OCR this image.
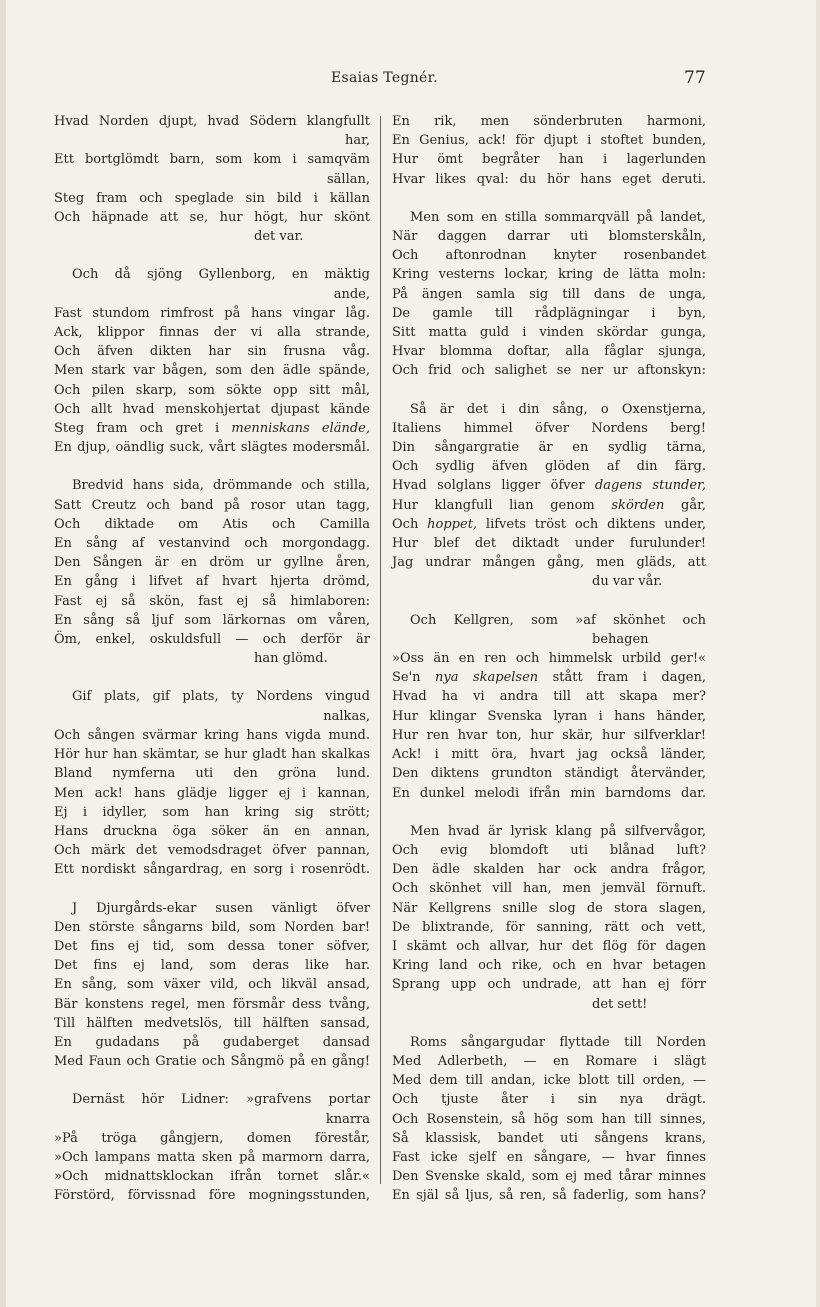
Esaias Tegnér.	77
Hvad Norden djupt, hvad Södern klangfullt
har,
Ett bortglömdt barn, som kom i samqväm
sällan,
Steg fram och speglade sin bild i källan
Och häpnade att se, hur högt, hur skönt
det var.
Och då sjöng Gyllenborg, en mäktig
ande,
Fast stundom rimfrost på hans vingar låg.
Ack, klippor finnas der vi alla strande,
Och äfven dikten har sin frusna våg.
Men stark var bågen, som den ädle spände,
Och pilen skarp, som sökte opp sitt mål,
Och allt hvad menskohjertat djupast kände
Steg fram och gret i menniskans elände,
En djup, oändlig suck, vårt slägtes modersmål.
Bredvid hans sida, drömmande och stilla,
Satt Creutz och band på rosor utan tagg,
Och diktade om Atis och Camilla
En sång af vestanvind och morgondagg.
Den Sången är en dröm ur gyllne åren,
En gång i lifvet af hvart hjerta drömd,
Fast ej så skön, fast ej så himlaboren:
En sång så ljuf som lärkornas om våren,
Öm, enkel, oskuldsfull — och derför är
han glömd.
Gif plats, gif plats, ty Nordens vingud
nalkas,
Och sången svärmar kring hans vigda mund.
Hör hur han skämtar, se hur gladt han skalkas
Bland nymferna uti den gröna lund.
Men ack! hans glädje ligger ej i kannan,
Ej i idyller, som han kring sig strött;
Hans druckna öga söker än en annan,
Och märk det vemodsdraget öfver pannan,
Ett nordiskt sångardrag, en sorg i rosenrödt.
J Djurgårds-ekar susen vänligt öfver
Den störste sångarns bild, som Norden bar!
Det fins ej tid, som dessa toner söfver,
Det fins ej land, som deras like har.
En sång, som växer vild, och likväl ansad,
Bär konstens regel, men försmår dess tvång,
Till hälften medvetslös, till hälften sansad,
En gudadans på gudaberget dansad
Med Faun och Gratie och Sångmö på en gång!
Dernäst hör Lidner: »grafvens portar
knarra
»På tröga gångjern, domen förestår,
»Och lampans matta sken på marmorn darra,
»Och midnattsklockan ifrån tornet slår.«
Förstörd, förvissnad före mogningsstunden,
En rik, men sönderbruten harmoni,
En Genius, ack! för djupt i stoftet bunden,
Hur ömt begråter han i lagerlunden
Hvar likes qval: du hör hans eget deruti.
Men som en stilla sommarqväll på landet,
När daggen darrar uti blomsterskåln,
Och aftonrodnan knyter rosenbandet
Kring vesterns lockar, kring de lätta moln:
På ängen samla sig till dans de unga,
De gamle till rådplägningar i byn,
Sitt matta guld i vinden skördar gunga,
Hvar blomma doftar, alla fåglar sjunga,
Och frid och salighet se ner ur aftonskyn:
Så är det i din sång, o Oxenstjerna,
Italiens himmel öfver Nordens berg!
Din sångargratie är en sydlig tärna,
Och sydlig äfven glöden af din färg.
Hvad solglans ligger öfver dagens stunder,
Hur klangfull lian genom skörden går,
Och hoppet, lifvets tröst och diktens under,
Hur blef det diktadt under furulunder!
Jag undrar mången gång, men gläds, att
du var vår.
Och Kellgren, som »af skönhet och
behagen
»Oss än en ren och himmelsk urbild ger!«
Se'n nya skapelsen stått fram i dagen,
Hvad ha vi andra till att skapa mer?
Hur klingar Svenska lyran i hans händer,
Hur ren hvar ton, hur skär, hur silfverklar!
Ack! i mitt öra, hvart jag också länder,
Den diktens grundton ständigt återvänder,
En dunkel melodi ifrån min barndoms dar.
Men hvad är lyrisk klang på silfvervågor,
Och evig blomdoft uti blånad luft?
Den ädle skalden har ock andra frågor,
Och skönhet vill han, men jemväl förnuft.
När Kellgrens snille slog de stora slagen,
De blixtrande, för sanning, rätt och vett,
I skämt och allvar, hur det flög för dagen
Kring land och rike, och en hvar betagen
Sprang upp och undrade, att han ej förr
det sett!
Roms sångargudar flyttade till Norden
Med Adlerbeth, — en Romare i slägt
Med dem till andan, icke blott till orden, —
Och tjuste åter i sin nya drägt.
Och Rosenstein, så hög som han till sinnes,
Så klassisk, bandet uti sångens krans,
Fast icke sjelf en sångare, — hvar finnes
Den Svenske skald, som ej med tårar minnes
En själ så ljus, så ren, så faderlig, som hans?
